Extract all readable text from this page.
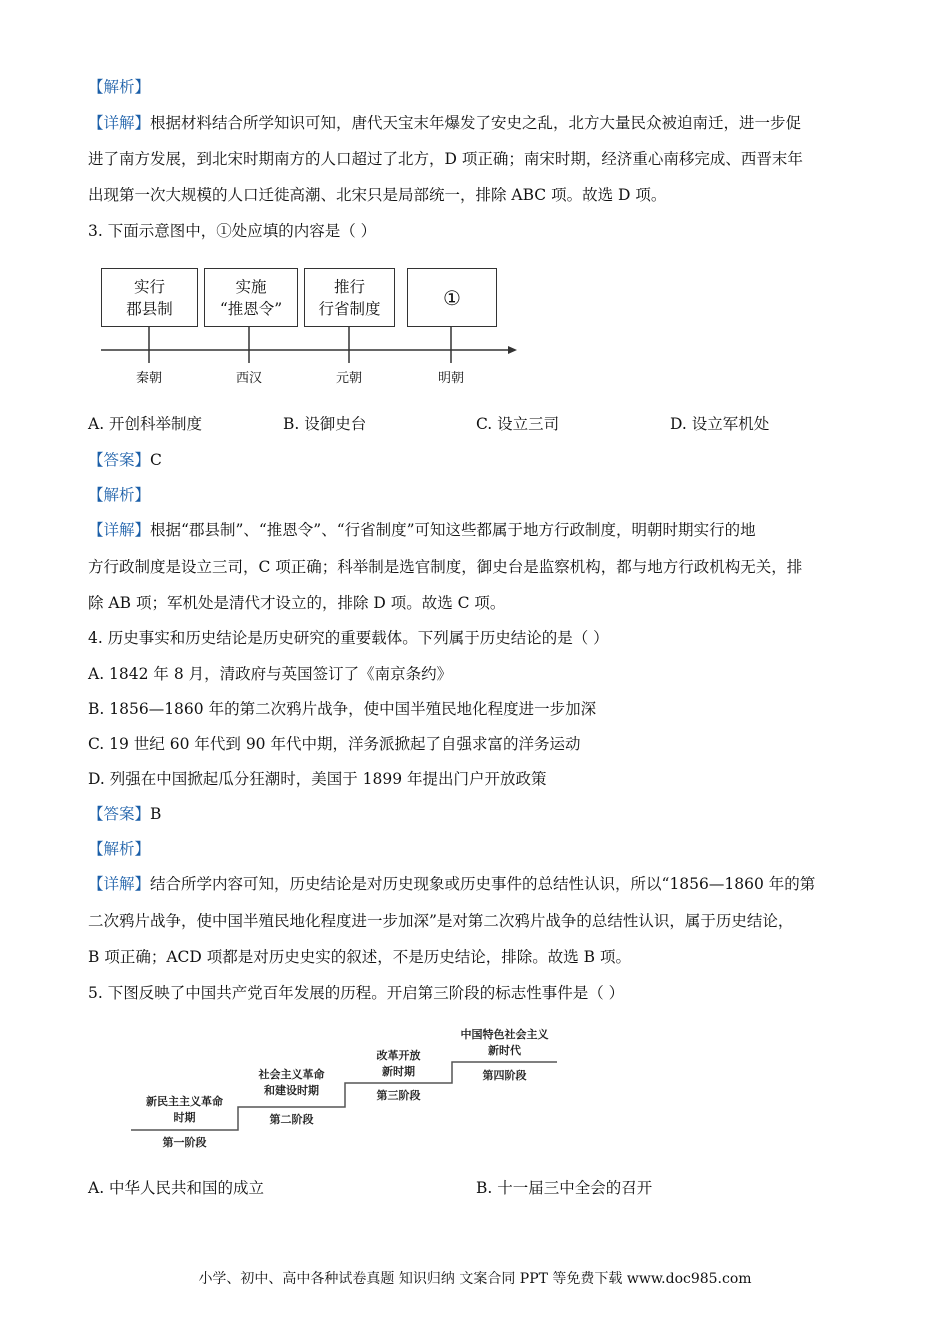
【解析】
【详解】根据材料结合所学知识可知，唐代天宝末年爆发了安史之乱，北方大量民众被迫南迁，进一步促
进了南方发展，到北宋时期南方的人口超过了北方，D 项正确；南宋时期，经济重心南移完成、西晋末年
出现第一次大规模的人口迁徙高潮、北宋只是局部统一，排除 ABC 项。故选 D 项。
3. 下面示意图中，①处应填的内容是（ ）
实行
郡县制
实施
“推恩令”
推行
行省制度	①
秦朝	西汉	元朝	明朝
A. 开创科举制度	B. 设御史台	C. 设立三司	D. 设立军机处
【答案】C
【解析】
【详解】根据“郡县制”、“推恩令”、“行省制度”可知这些都属于地方行政制度，明朝时期实行的地
方行政制度是设立三司，C 项正确；科举制是选官制度，御史台是监察机构，都与地方行政机构无关，排
除 AB 项；军机处是清代才设立的，排除 D 项。故选 C 项。
4. 历史事实和历史结论是历史研究的重要载体。下列属于历史结论的是（ ）
A. 1842 年 8 月，清政府与英国签订了《南京条约》
B. 1856—1860 年的第二次鸦片战争，使中国半殖民地化程度进一步加深
C. 19 世纪 60 年代到 90 年代中期，洋务派掀起了自强求富的洋务运动
D. 列强在中国掀起瓜分狂潮时，美国于 1899 年提出门户开放政策
【答案】B
【解析】
【详解】结合所学内容可知，历史结论是对历史现象或历史事件的总结性认识，所以“1856—1860 年的第
二次鸦片战争，使中国半殖民地化程度进一步加深”是对第二次鸦片战争的总结性认识，属于历史结论，
B 项正确；ACD 项都是对历史史实的叙述，不是历史结论，排除。故选 B 项。
5. 下图反映了中国共产党百年发展的历程。开启第三阶段的标志性事件是（ ）
新民主主义革命
时期
第一阶段
社会主义革命
和建设时期
第二阶段
改革开放
新时期
第三阶段
中国特色社会主义
新时代
第四阶段
A. 中华人民共和国的成立	B. 十一届三中全会的召开
小学、初中、高中各种试卷真题 知识归纳 文案合同 PPT 等免费下载 www.doc985.com
